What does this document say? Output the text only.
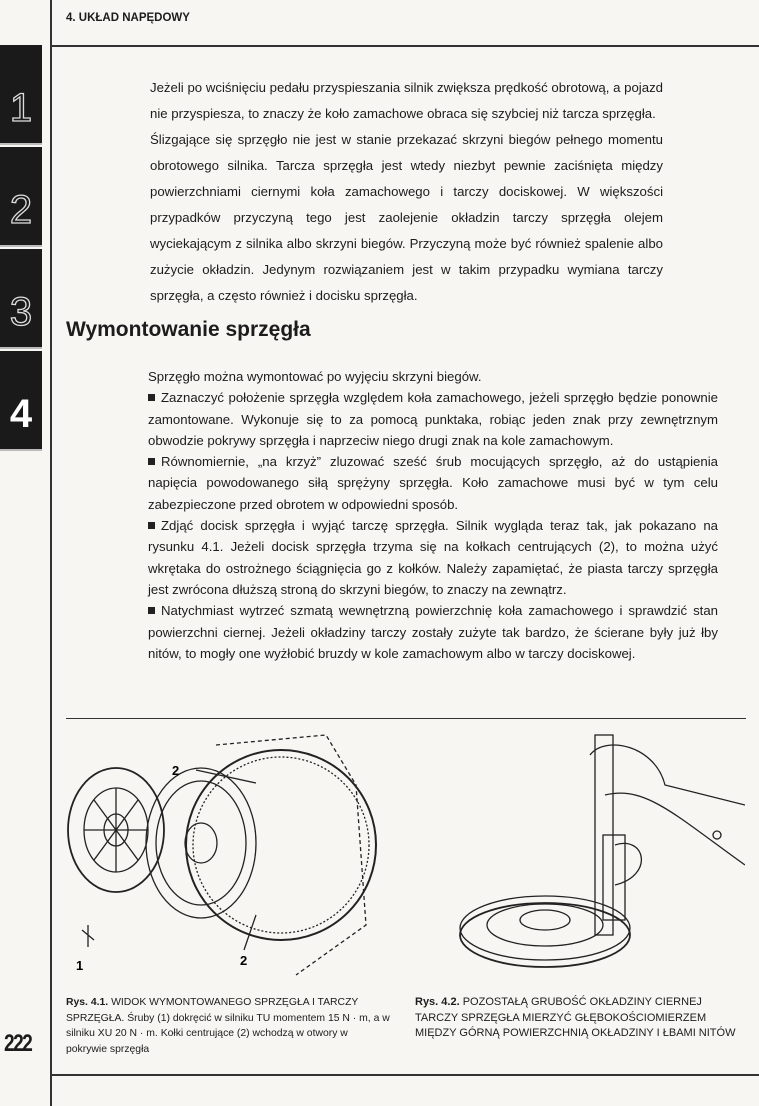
4. UKŁAD NAPĘDOWY
1
2
3
4
Jeżeli po wciśnięciu pedału przyspieszania silnik zwiększa prędkość obrotową, a pojazd nie przyspiesza, to znaczy że koło zamachowe obraca się szybciej niż tarcza sprzęgła.
Ślizgające się sprzęgło nie jest w stanie przekazać skrzyni biegów pełnego momentu obrotowego silnika. Tarcza sprzęgła jest wtedy niezbyt pewnie zaciśnięta między powierzchniami ciernymi koła zamachowego i tarczy dociskowej. W większości przypadków przyczyną tego jest zaolejenie okładzin tarczy sprzęgła olejem wyciekającym z silnika albo skrzyni biegów. Przyczyną może być również spalenie albo zużycie okładzin. Jedynym rozwiązaniem jest w takim przypadku wymiana tarczy sprzęgła, a często również i docisku sprzęgła.
Wymontowanie sprzęgła

Sprzęgło można wymontować po wyjęciu skrzyni biegów.

Zaznaczyć położenie sprzęgła względem koła zamachowego, jeżeli sprzęgło będzie ponownie zamontowane. Wykonuje się to za pomocą punktaka, robiąc jeden znak przy zewnętrznym obwodzie pokrywy sprzęgła i naprzeciw niego drugi znak na kole zamachowym.

Równomiernie, „na krzyż” zluzować sześć śrub mocujących sprzęgło, aż do ustąpienia napięcia powodowanego siłą sprężyny sprzęgła. Koło zamachowe musi być w tym celu zabezpieczone przed obrotem w odpowiedni sposób.

Zdjąć docisk sprzęgła i wyjąć tarczę sprzęgła. Silnik wygląda teraz tak, jak pokazano na rysunku 4.1. Jeżeli docisk sprzęgła trzyma się na kołkach centrujących (2), to można użyć wkrętaka do ostrożnego ściągnięcia go z kołków. Należy zapamiętać, że piasta tarczy sprzęgła jest zwrócona dłuższą stroną do skrzyni biegów, to znaczy na zewnątrz.

Natychmiast wytrzeć szmatą wewnętrzną powierzchnię koła zamachowego i sprawdzić stan powierzchni ciernej. Jeżeli okładziny tarczy zostały zużyte tak bardzo, że ścierane były już łby nitów, to mogły one wyżłobić bruzdy w kole zamachowym albo w tarczy dociskowej.

2
1	2
Rys. 4.1. WIDOK WYMONTOWANEGO SPRZĘGŁA I TARCZY SPRZĘGŁA. Śruby (1) dokręcić w silniku TU momentem 15 N · m, a w silniku XU 20 N · m. Kołki centrujące (2) wchodzą w otwory w pokrywie sprzęgła
Rys. 4.2. POZOSTAŁĄ GRUBOŚĆ OKŁADZINY CIERNEJ TARCZY SPRZĘGŁA MIERZYĆ GŁĘBOKOŚCIOMIERZEM MIĘDZY GÓRNĄ POWIERZCHNIĄ OKŁADZINY I ŁBAMI NITÓW
222
